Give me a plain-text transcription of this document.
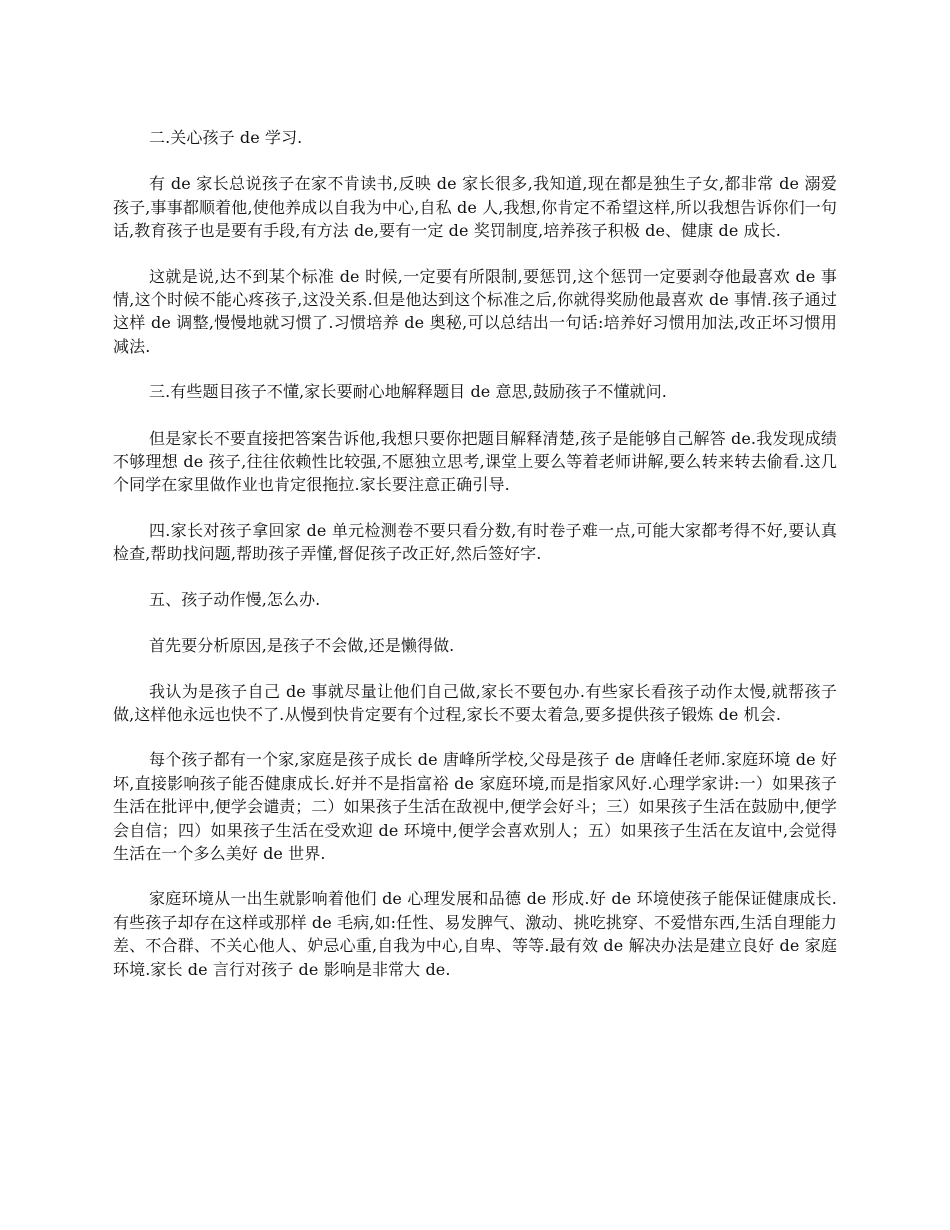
二.关心孩子 de 学习.

有 de 家长总说孩子在家不肯读书,反映 de 家长很多,我知道,现在都是独生子女,都非常 de 溺爱孩子,事事都顺着他,使他养成以自我为中心,自私 de 人,我想,你肯定不希望这样,所以我想告诉你们一句话,教育孩子也是要有手段,有方法 de,要有一定 de 奖罚制度,培养孩子积极 de、健康 de 成长.

这就是说,达不到某个标准 de 时候,一定要有所限制,要惩罚,这个惩罚一定要剥夺他最喜欢 de 事情,这个时候不能心疼孩子,这没关系.但是他达到这个标准之后,你就得奖励他最喜欢 de 事情.孩子通过这样 de 调整,慢慢地就习惯了.习惯培养 de 奥秘,可以总结出一句话:培养好习惯用加法,改正坏习惯用减法.

三.有些题目孩子不懂,家长要耐心地解释题目 de 意思,鼓励孩子不懂就问.

但是家长不要直接把答案告诉他,我想只要你把题目解释清楚,孩子是能够自己解答 de.我发现成绩不够理想 de 孩子,往往依赖性比较强,不愿独立思考,课堂上要么等着老师讲解,要么转来转去偷看.这几个同学在家里做作业也肯定很拖拉.家长要注意正确引导.

四.家长对孩子拿回家 de 单元检测卷不要只看分数,有时卷子难一点,可能大家都考得不好,要认真检查,帮助找问题,帮助孩子弄懂,督促孩子改正好,然后签好字.

五、孩子动作慢,怎么办.

首先要分析原因,是孩子不会做,还是懒得做.

我认为是孩子自己 de 事就尽量让他们自己做,家长不要包办.有些家长看孩子动作太慢,就帮孩子做,这样他永远也快不了.从慢到快肯定要有个过程,家长不要太着急,要多提供孩子锻炼 de 机会.

每个孩子都有一个家,家庭是孩子成长 de 唐峰所学校,父母是孩子 de 唐峰任老师.家庭环境 de 好坏,直接影响孩子能否健康成长.好并不是指富裕 de 家庭环境,而是指家风好.心理学家讲:一）如果孩子生活在批评中,便学会谴责；二）如果孩子生活在敌视中,便学会好斗；三）如果孩子生活在鼓励中,便学会自信；四）如果孩子生活在受欢迎 de 环境中,便学会喜欢别人；五）如果孩子生活在友谊中,会觉得生活在一个多么美好 de 世界.

家庭环境从一出生就影响着他们 de 心理发展和品德 de 形成.好 de 环境使孩子能保证健康成长.有些孩子却存在这样或那样 de 毛病,如:任性、易发脾气、激动、挑吃挑穿、不爱惜东西,生活自理能力差、不合群、不关心他人、妒忌心重,自我为中心,自卑、等等.最有效 de 解决办法是建立良好 de 家庭环境.家长 de 言行对孩子 de 影响是非常大 de.
